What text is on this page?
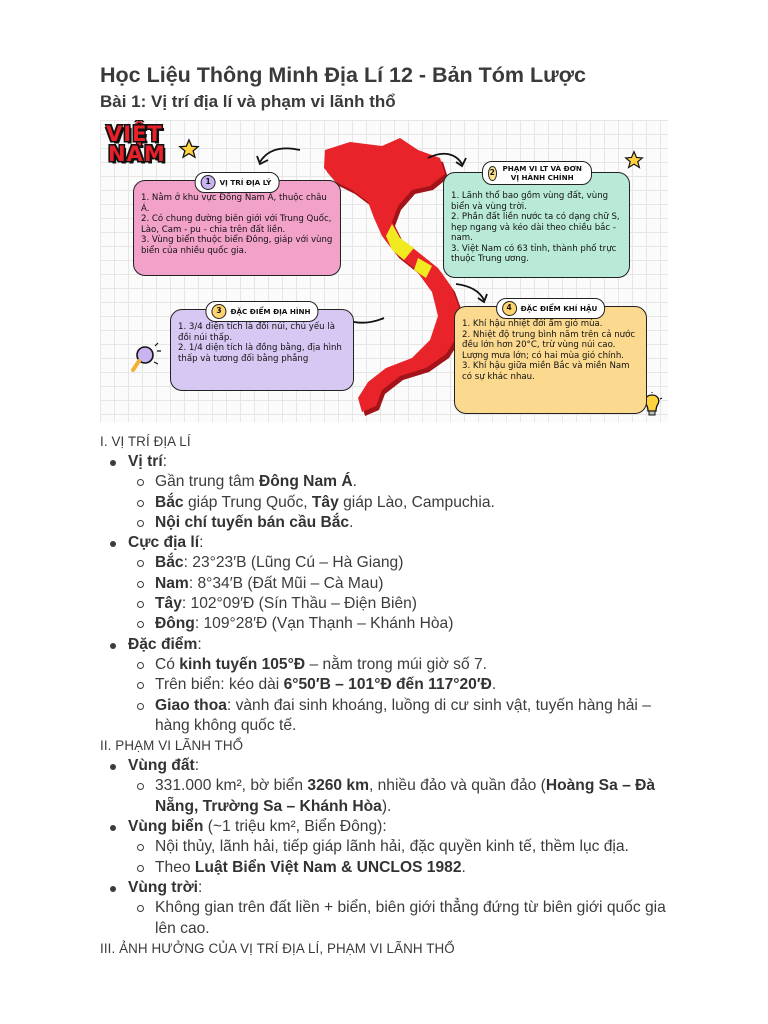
Học Liệu Thông Minh Địa Lí 12 - Bản Tóm Lược
Bài 1: Vị trí địa lí và phạm vi lãnh thổ
VIỆT
NAM
1	VỊ TRÍ ĐỊA LÝ

1. Nằm ở khu vực Đông Nam Á, thuộc châu Á.

2. Có chung đường biên giới với Trung Quốc, Lào, Cam - pu - chia trên đất liền.

3. Vùng biển thuộc biển Đông, giáp với vùng biển của nhiều quốc gia.

2 PHẠM VI LT VÀ ĐƠN VỊ HÀNH CHÍNH

1. Lãnh thổ bao gồm vùng đất, vùng biển và vùng trời.

2. Phần đất liền nước ta có dạng chữ S, hẹp ngang và kéo dài theo chiều bắc - nam.

3. Việt Nam có 63 tỉnh, thành phố trực thuộc Trung ương.

3	ĐẶC ĐIỂM ĐỊA HÌNH

1. 3/4 diện tích là đồi núi, chủ yếu là đồi núi thấp.

2. 1/4 diện tích là đồng bằng, địa hình thấp và tương đối bằng phẳng

4	ĐẶC ĐIỂM KHÍ HẬU

1. Khí hậu nhiệt đới ẩm gió mùa.

2. Nhiệt độ trung bình năm trên cả nước đều lớn hơn 20°C, trừ vùng núi cao. Lượng mưa lớn; có hai mùa gió chính.

3. Khí hậu giữa miền Bắc và miền Nam có sự khác nhau.

I. VỊ TRÍ ĐỊA LÍ
Vị trí:
Gần trung tâm Đông Nam Á.
Bắc giáp Trung Quốc, Tây giáp Lào, Campuchia.
Nội chí tuyến bán cầu Bắc.
Cực địa lí:
Bắc: 23°23′B (Lũng Cú – Hà Giang)
Nam: 8°34′B (Đất Mũi – Cà Mau)
Tây: 102°09′Đ (Sín Thầu – Điện Biên)
Đông: 109°28′Đ (Vạn Thạnh – Khánh Hòa)
Đặc điểm:
Có kinh tuyến 105°Đ – nằm trong múi giờ số 7.
Trên biển: kéo dài 6°50′B – 101°Đ đến 117°20′Đ.
Giao thoa: vành đai sinh khoáng, luồng di cư sinh vật, tuyến hàng hải – hàng không quốc tế.
II. PHẠM VI LÃNH THỔ
Vùng đất:
331.000 km², bờ biển 3260 km, nhiều đảo và quần đảo (Hoàng Sa – Đà Nẵng, Trường Sa – Khánh Hòa).
Vùng biển (~1 triệu km², Biển Đông):
Nội thủy, lãnh hải, tiếp giáp lãnh hải, đặc quyền kinh tế, thềm lục địa.
Theo Luật Biển Việt Nam & UNCLOS 1982.
Vùng trời:
Không gian trên đất liền + biển, biên giới thẳng đứng từ biên giới quốc gia lên cao.
III. ẢNH HƯỞNG CỦA VỊ TRÍ ĐỊA LÍ, PHẠM VI LÃNH THỔ
